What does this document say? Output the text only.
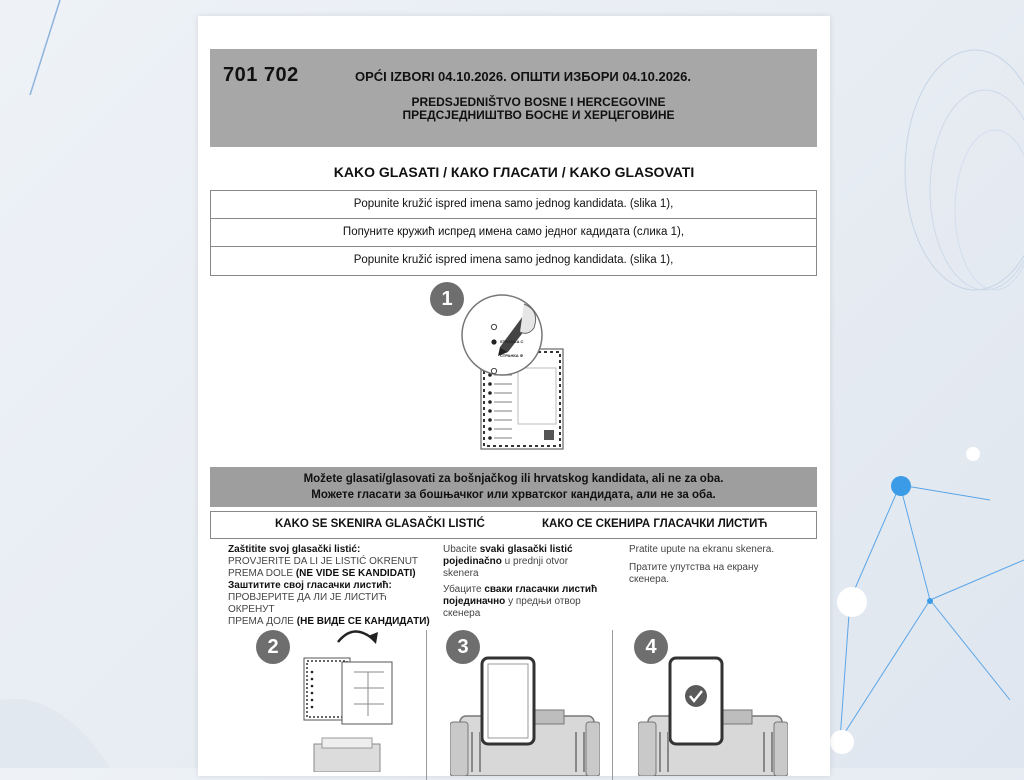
701 702	OPĆI IZBORI 04.10.2026. ОПШТИ ИЗБОРИ 04.10.2026.
PREDSJEDNIŠTVO BOSNE I HERCEGOVINE
ПРЕДСЈЕДНИШТВО БОСНЕ И ХЕРЦЕГОВИНЕ
KAKO GLASATI / КАКО ГЛАСАТИ / KAKO GLASOVATI
Popunite kružić ispred imena samo jednog kandidata. (slika 1),
Попуните кружић испред имена само једног кадидата (слика 1),
Popunite kružić ispred imena samo jednog kandidata. (slika 1),
1
STRANKA C
СТРАНКА Ф
Možete glasati/glasovati za bošnjačkog ili hrvatskog kandidata, ali ne za oba.
Можете гласати за бошњачког или хрватског кандидата, али не за оба.
KAKO SE SKENIRA GLASAČKI LISTIĆ	КАКО СЕ СКЕНИРА ГЛАСАЧКИ ЛИСТИЋ
Zaštitite svoj glasački listić:
PROVJERITE DA LI JE LISTIĆ OKRENUT
PREMA DOLE (NE VIDE SE KANDIDATI)
Заштитите свој гласачки листић:
ПРОВЈЕРИТЕ ДА ЛИ ЈЕ ЛИСТИЋ ОКРЕНУТ
ПРЕМА ДОЛЕ (НЕ ВИДЕ СЕ КАНДИДАТИ)
Ubacite svaki glasački listić
pojedinačno u prednji otvor
skenera
Убаците сваки гласачки листић
појединачно у предњи отвор
скенера
Pratite upute na ekranu skenera.
Пратите упутства на екрану
скенера.
2	3	4
